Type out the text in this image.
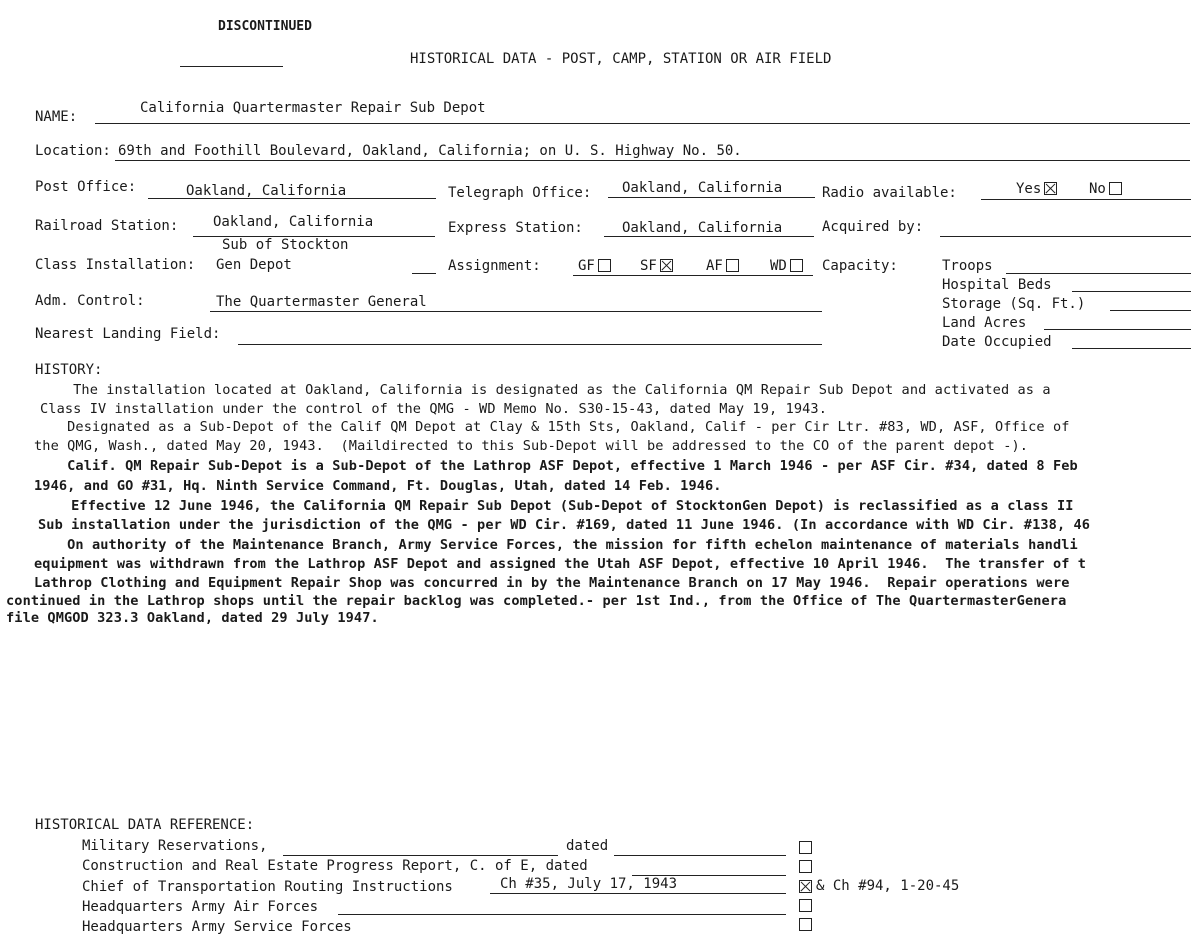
DISCONTINUED
HISTORICAL DATA - POST, CAMP, STATION OR AIR FIELD
NAME:
California Quartermaster Repair Sub Depot
Location: 69th and Foothill Boulevard, Oakland, California; on U. S. Highway No. 50.
Post Office:	Oakland, California	Telegraph Office: Oakland, California	Radio available:	Yes	No
Railroad Station: Oakland, California	Express Station:	Oakland, California	Acquired by:
Sub of Stockton
Class Installation: Gen Depot	Assignment:	GF	SF	AF	WD	Capacity:	Troops
Hospital Beds
Storage (Sq. Ft.)
Land Acres
Date Occupied
Adm. Control:	The Quartermaster General
Nearest Landing Field:
HISTORY:
The installation located at Oakland, California is designated as the California QM Repair Sub Depot and activated as a
Class IV installation under the control of the QMG - WD Memo No. S30-15-43, dated May 19, 1943.
Designated as a Sub-Depot of the Calif QM Depot at Clay & 15th Sts, Oakland, Calif - per Cir Ltr. #83, WD, ASF, Office of
the QMG, Wash., dated May 20, 1943.  (Maildirected to this Sub-Depot will be addressed to the CO of the parent depot -).
Calif. QM Repair Sub-Depot is a Sub-Depot of the Lathrop ASF Depot, effective 1 March 1946 - per ASF Cir. #34, dated 8 Feb
1946, and GO #31, Hq. Ninth Service Command, Ft. Douglas, Utah, dated 14 Feb. 1946.
Effective 12 June 1946, the California QM Repair Sub Depot (Sub-Depot of StocktonGen Depot) is reclassified as a class II
Sub installation under the jurisdiction of the QMG - per WD Cir. #169, dated 11 June 1946. (In accordance with WD Cir. #138, 46
On authority of the Maintenance Branch, Army Service Forces, the mission for fifth echelon maintenance of materials handli
equipment was withdrawn from the Lathrop ASF Depot and assigned the Utah ASF Depot, effective 10 April 1946.  The transfer of t
Lathrop Clothing and Equipment Repair Shop was concurred in by the Maintenance Branch on 17 May 1946.  Repair operations were
continued in the Lathrop shops until the repair backlog was completed.- per 1st Ind., from the Office of The QuartermasterGenera
file QMGOD 323.3 Oakland, dated 29 July 1947.
HISTORICAL DATA REFERENCE:
Military Reservations,	dated
Construction and Real Estate Progress Report, C. of E, dated
Chief of Transportation Routing Instructions	Ch #35, July 17, 1943	& Ch #94, 1-20-45
Headquarters Army Air Forces
Headquarters Army Service Forces
